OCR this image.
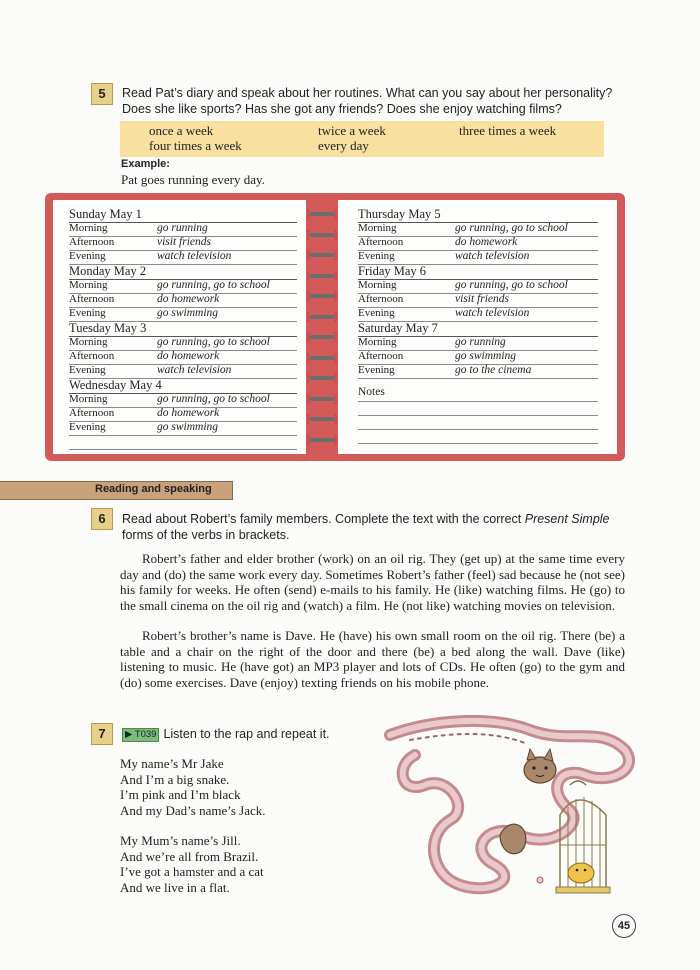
5	Read Pat’s diary and speak about her routines. What can you say about her personality?
Does she like sports? Has she got any friends? Does she enjoy watching films?
once a week	twice a week	three times a week
four times a week	every day
Example:
Pat goes running every day.
Sunday May 1
Morning	go running
Afternoon	visit friends
Evening	watch television
Monday May 2
Morning	go running, go to school
Afternoon	do homework
Evening	go swimming
Tuesday May 3
Morning	go running, go to school
Afternoon	do homework
Evening	watch television
Wednesday May 4
Morning	go running, go to school
Afternoon	do homework
Evening	go swimming
Thursday May 5
Morning	go running, go to school
Afternoon	do homework
Evening	watch television
Friday May 6
Morning	go running, go to school
Afternoon	visit friends
Evening	watch television
Saturday May 7
Morning	go running
Afternoon	go swimming
Evening	go to the cinema
Notes
Reading and speaking
6	Read about Robert’s family members. Complete the text with the correct Present Simple
forms of the verbs in brackets.
Robert’s father and elder brother (work) on an oil rig. They (get up) at the same time every day and (do) the same work every day. Sometimes Robert’s father (feel) sad because he (not see) his family for weeks. He often (send) e-mails to his family. He (like) watching films. He (go) to the small cinema on the oil rig and (watch) a film. He (not like) watching movies on television.
Robert’s brother’s name is Dave. He (have) his own small room on the oil rig. There (be) a table and a chair on the right of the door and there (be) a bed along the wall. Dave (like) listening to music. He (have got) an MP3 player and lots of CDs. He often (go) to the gym and (do) some exercises. Dave (enjoy) texting friends on his mobile phone.
7	▶ T039 Listen to the rap and repeat it.
My name’s Mr Jake
And I’m a big snake.
I’m pink and I’m black
And my Dad’s name’s Jack.
My Mum’s name’s Jill.
And we’re all from Brazil.
I’ve got a hamster and a cat
And we live in a flat.
45
